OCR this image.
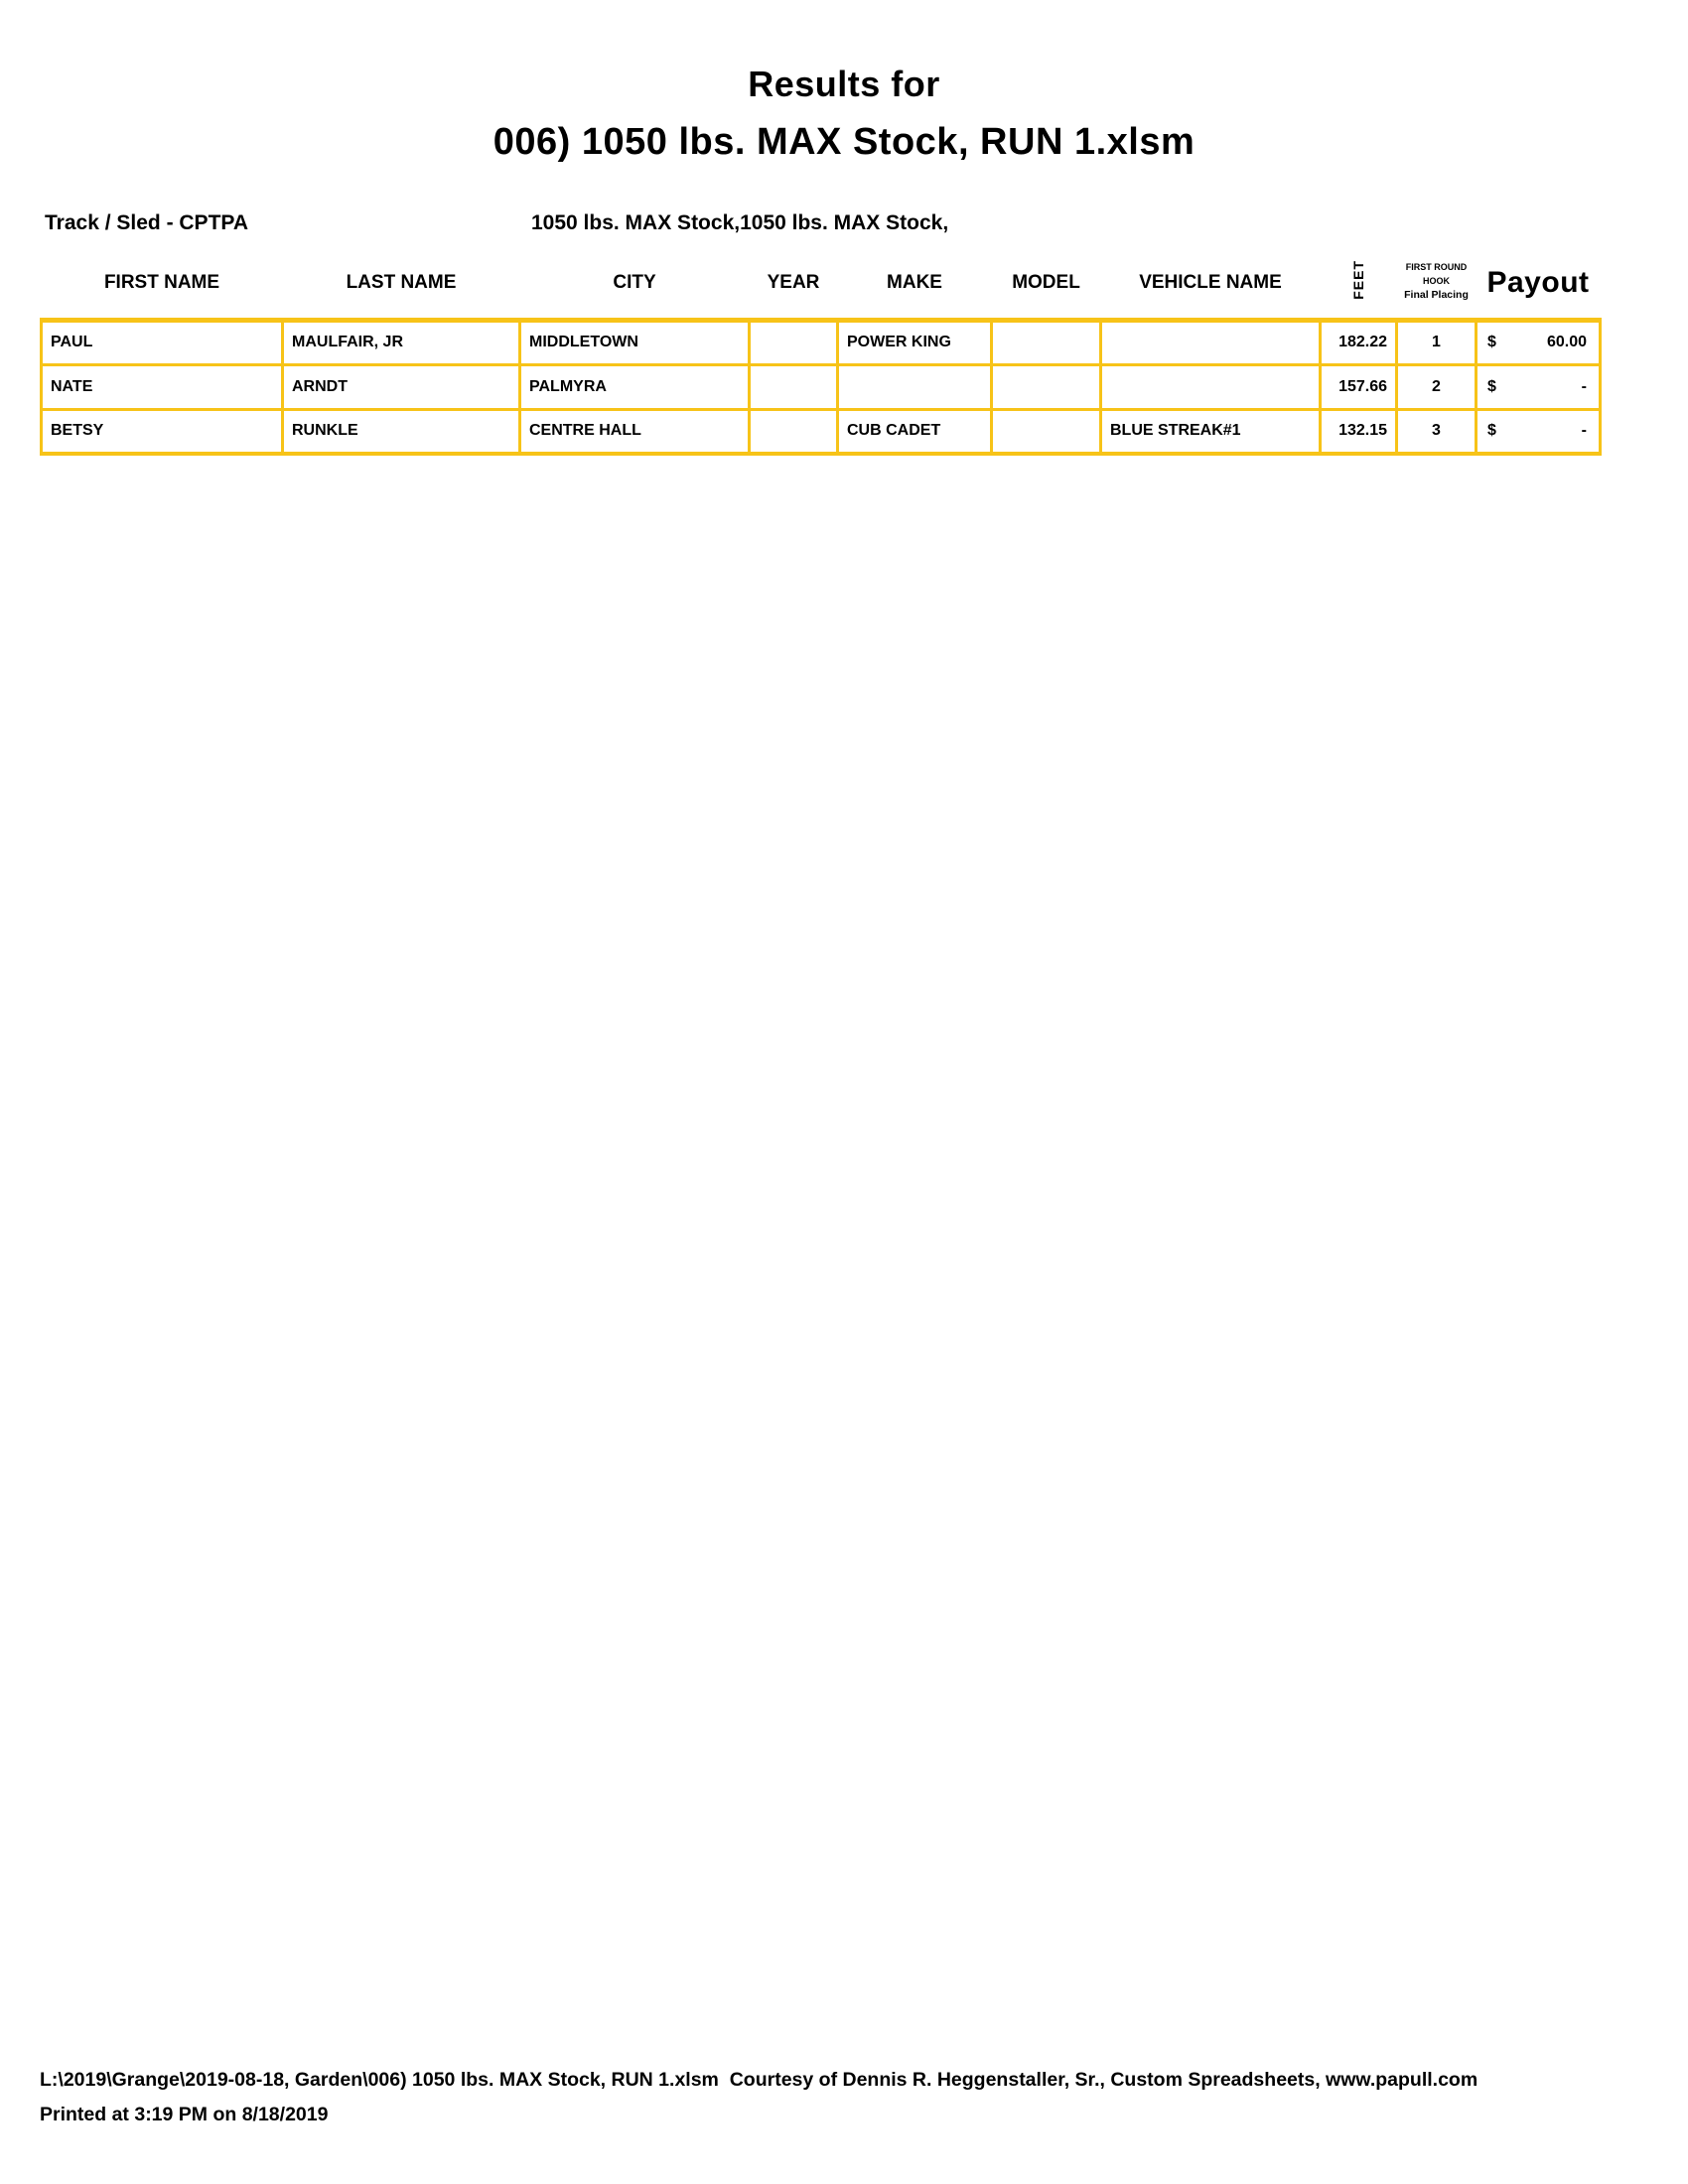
Results for
006) 1050 lbs. MAX Stock, RUN 1.xlsm
Track / Sled - CPTPA	1050 lbs. MAX Stock,1050 lbs. MAX Stock,
FIRST NAME	LAST NAME	CITY	YEAR	MAKE	MODEL	VEHICLE NAME	FEET	FIRST ROUND
HOOK
Final Placing	Payout
PAUL	MAULFAIR, JR	MIDDLETOWN		POWER KING			182.22	1	$ 60.00

NATE	ARNDT	PALMYRA					157.66	2	$ -

BETSY	RUNKLE	CENTRE HALL		CUB CADET		BLUE STREAK#1	132.15	3	$ -
L:\2019\Grange\2019-08-18, Garden\006) 1050 lbs. MAX Stock, RUN 1.xlsm  Courtesy of Dennis R. Heggenstaller, Sr., Custom Spreadsheets, www.papull.com
Printed at 3:19 PM on 8/18/2019
